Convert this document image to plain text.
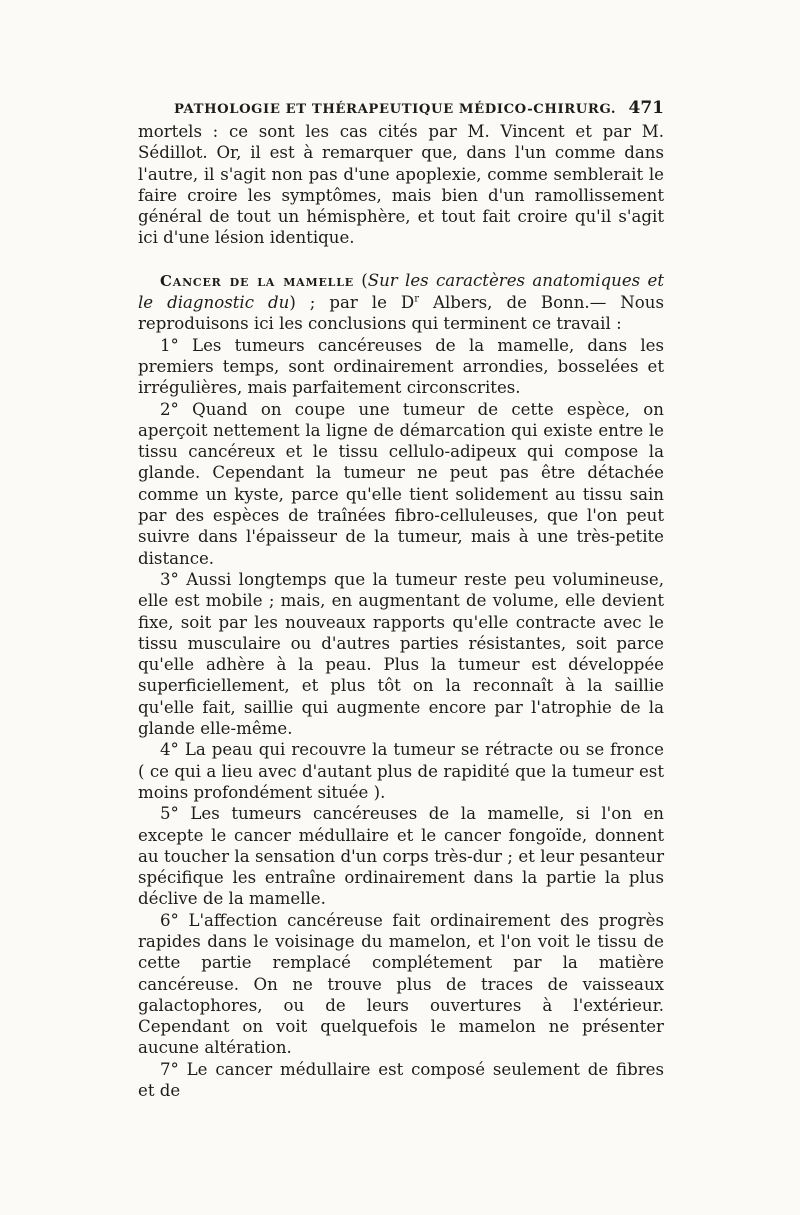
PATHOLOGIE ET THÉRAPEUTIQUE MÉDICO-CHIRURG. 471

mortels : ce sont les cas cités par M. Vincent et par M. Sédillot. Or, il est à remarquer que, dans l'un comme dans l'autre, il s'agit non pas d'une apoplexie, comme semblerait le faire croire les symptômes, mais bien d'un ramollissement général de tout un hémisphère, et tout fait croire qu'il s'agit ici d'une lésion identique.

Cancer de la mamelle (Sur les caractères anatomiques et le diagnostic du) ; par le $D^r$ Albers, de Bonn.— Nous reproduisons ici les conclusions qui terminent ce travail :

1° Les tumeurs cancéreuses de la mamelle, dans les premiers temps, sont ordinairement arrondies, bosselées et irrégulières, mais parfaitement circonscrites.

2° Quand on coupe une tumeur de cette espèce, on aperçoit nettement la ligne de démarcation qui existe entre le tissu cancéreux et le tissu cellulo-adipeux qui compose la glande. Cependant la tumeur ne peut pas être détachée comme un kyste, parce qu'elle tient solidement au tissu sain par des espèces de traînées fibro-celluleuses, que l'on peut suivre dans l'épaisseur de la tumeur, mais à une très-petite distance.

3° Aussi longtemps que la tumeur reste peu volumineuse, elle est mobile ; mais, en augmentant de volume, elle devient fixe, soit par les nouveaux rapports qu'elle contracte avec le tissu musculaire ou d'autres parties résistantes, soit parce qu'elle adhère à la peau. Plus la tumeur est développée superficiellement, et plus tôt on la reconnaît à la saillie qu'elle fait, saillie qui augmente encore par l'atrophie de la glande elle-même.

4° La peau qui recouvre la tumeur se rétracte ou se fronce ( ce qui a lieu avec d'autant plus de rapidité que la tumeur est moins profondément située ).

5° Les tumeurs cancéreuses de la mamelle, si l'on en excepte le cancer médullaire et le cancer fongoïde, donnent au toucher la sensation d'un corps très-dur ; et leur pesanteur spécifique les entraîne ordinairement dans la partie la plus déclive de la mamelle.

6° L'affection cancéreuse fait ordinairement des progrès rapides dans le voisinage du mamelon, et l'on voit le tissu de cette partie remplacé complétement par la matière cancéreuse. On ne trouve plus de traces de vaisseaux galactophores, ou de leurs ouvertures à l'extérieur. Cependant on voit quelquefois le mamelon ne présenter aucune altération.

7° Le cancer médullaire est composé seulement de fibres et de
